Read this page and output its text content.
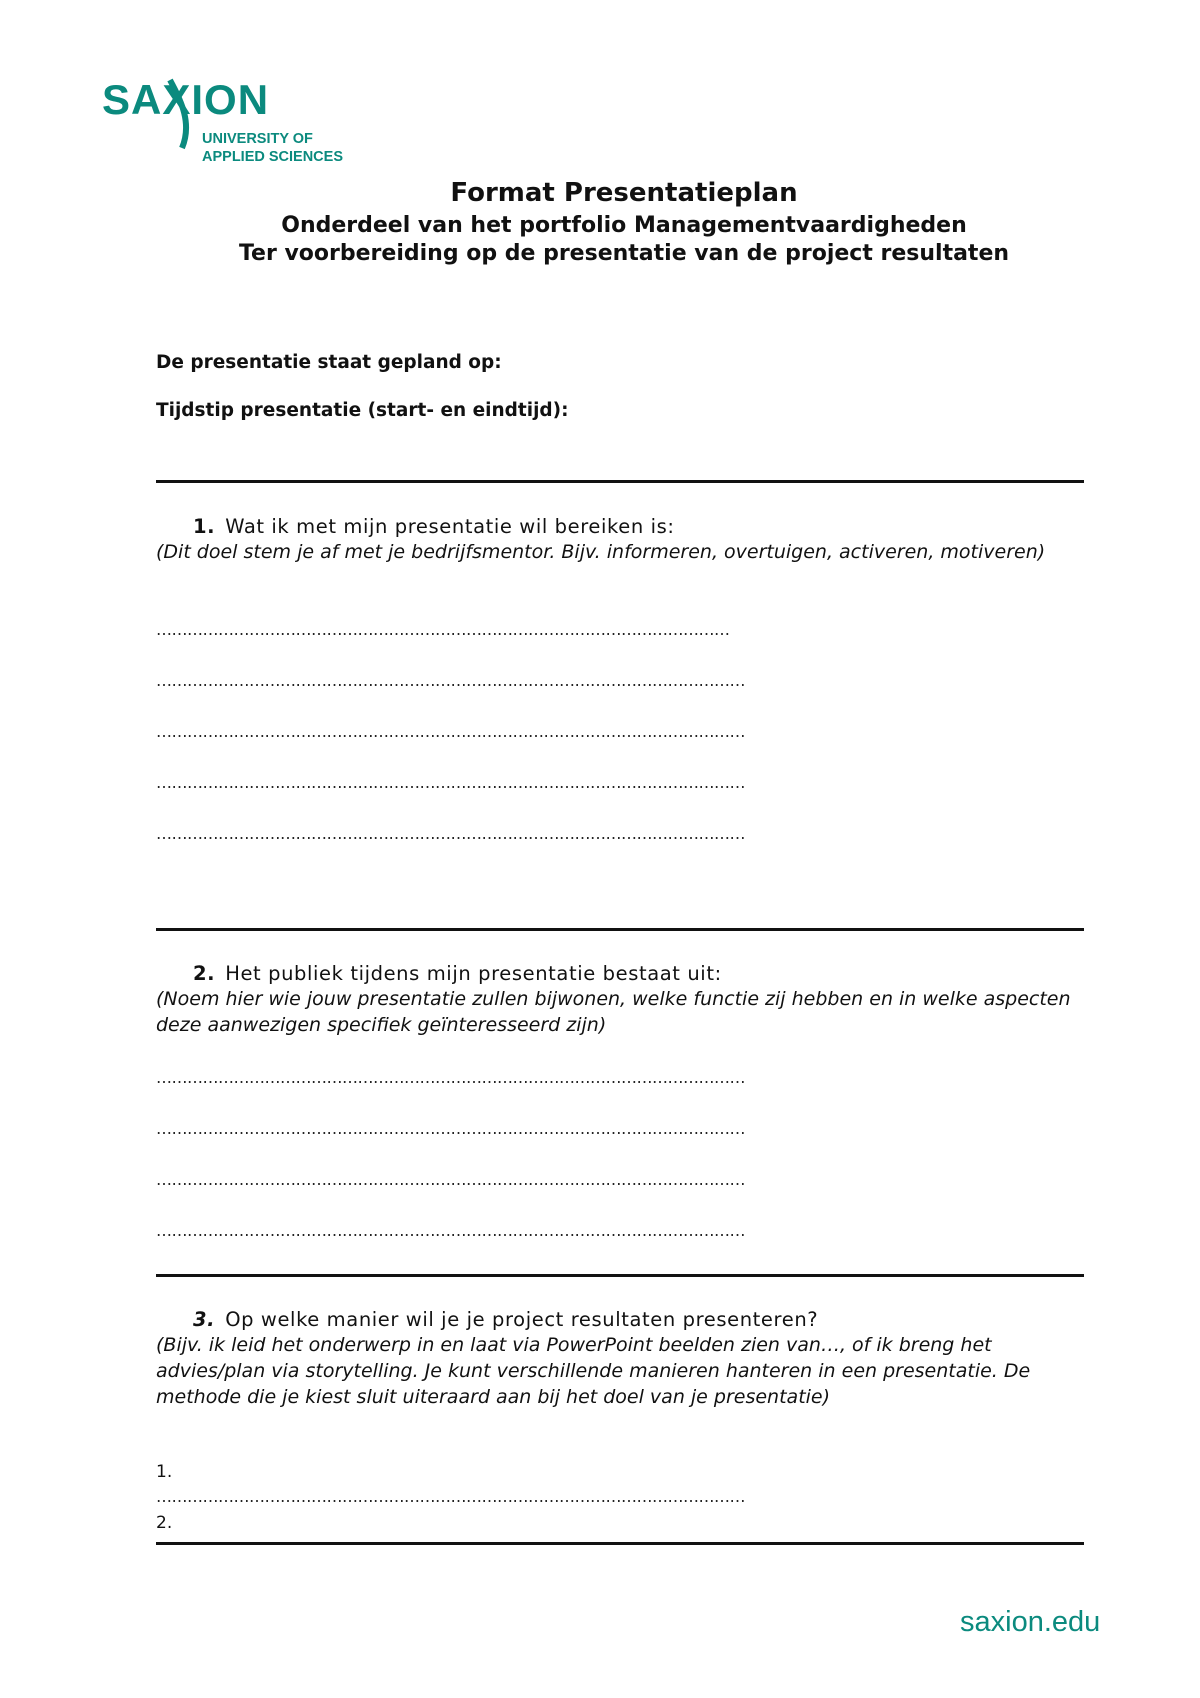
SAXION
UNIVERSITY OF
APPLIED SCIENCES
Format Presentatieplan
Onderdeel van het portfolio Managementvaardigheden
Ter voorbereiding op de presentatie van de project resultaten
De presentatie staat gepland op:
Tijdstip presentatie (start- en eindtijd):
1. Wat ik met mijn presentatie wil bereiken is:
(Dit doel stem je af met je bedrijfsmentor. Bijv. informeren, overtuigen, activeren, motiveren)
…………………………………………………………………………………………………
……………………………………………………………………………………………………
……………………………………………………………………………………………………
……………………………………………………………………………………………………
……………………………………………………………………………………………………
2. Het publiek tijdens mijn presentatie bestaat uit:
(Noem hier wie jouw presentatie zullen bijwonen, welke functie zij hebben en in welke aspecten deze aanwezigen specifiek geïnteresseerd zijn)
……………………………………………………………………………………………………
……………………………………………………………………………………………………
……………………………………………………………………………………………………
……………………………………………………………………………………………………
3. Op welke manier wil je je project resultaten presenteren?
(Bijv. ik leid het onderwerp in en laat via PowerPoint beelden zien van…, of ik breng het advies/plan via storytelling. Je kunt verschillende manieren hanteren in een presentatie. De methode die je kiest sluit uiteraard aan bij het doel van je presentatie)
1.
……………………………………………………………………………………………………
2.
saxion.edu
